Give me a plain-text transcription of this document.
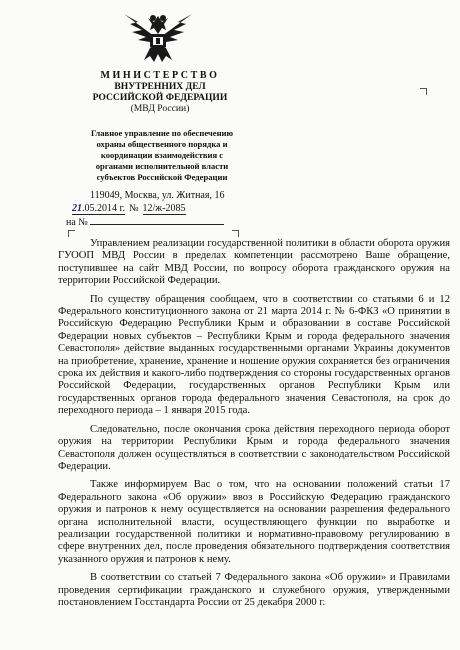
МИНИСТЕРСТВО
ВНУТРЕННИХ ДЕЛ
РОССИЙСКОЙ ФЕДЕРАЦИИ
(МВД России)
Главное управление по обеспечению
охраны общественного порядка и
координации взаимодействия с
органами исполнительной власти
субъектов Российской Федерации
119049, Москва, ул. Житная, 16
21.05.2014 г. № 12/ж-2085
на №

Управлением реализации государственной политики в области оборота оружия ГУООП МВД России в пределах компетенции рассмотрено Ваше обращение, поступившее на сайт МВД России, по вопросу оборота гражданского оружия на территории Российской Федерации.

По существу обращения сообщаем, что в соответствии со статьями 6 и 12 Федерального конституционного закона от 21 марта 2014 г. № 6-ФКЗ «О принятии в Российскую Федерацию Республики Крым и образовании в составе Российской Федерации новых субъектов – Республики Крым и города федерального значения Севастополя» действие выданных государственными органами Украины документов на приобретение, хранение, хранение и ношение оружия сохраняется без ограничения срока их действия и какого-либо подтверждения со стороны государственных органов Российской Федерации, государственных органов Республики Крым или государственных органов города федерального значения Севастополя, на срок до переходного периода – 1 января 2015 года.

Следовательно, после окончания срока действия переходного периода оборот оружия на территории Республики Крым и города федерального значения Севастополя должен осуществляться в соответствии с законодательством Российской Федерации.

Также информируем Вас о том, что на основании положений статьи 17 Федерального закона «Об оружии» ввоз в Российскую Федерацию гражданского оружия и патронов к нему осуществляется на основании разрешения федерального органа исполнительной власти, осуществляющего функции по выработке и реализации государственной политики и нормативно-правовому регулированию в сфере внутренних дел, после проведения обязательного подтверждения соответствия указанного оружия и патронов к нему.

В соответствии со статьей 7 Федерального закона «Об оружии» и Правилами проведения сертификации гражданского и служебного оружия, утвержденными постановлением Госстандарта России от 25 декабря 2000 г.
